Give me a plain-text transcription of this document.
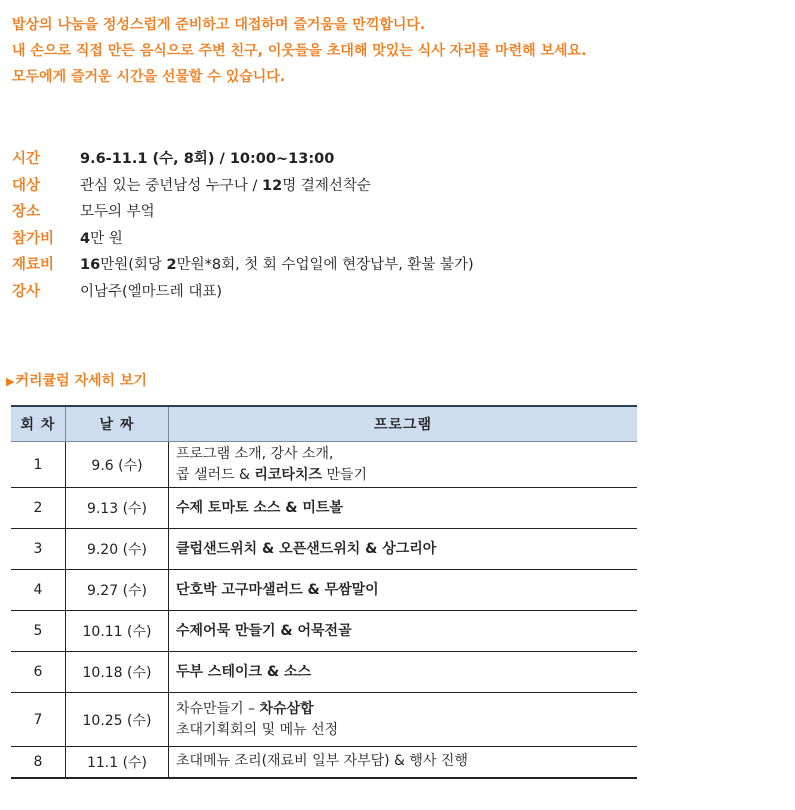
밥상의 나눔을 정성스럽게 준비하고 대접하며 즐거움을 만끽합니다.
내 손으로 직접 만든 음식으로 주변 친구, 이웃들을 초대해 맛있는 식사 자리를 마련해 보세요.
모두에게 즐거운 시간을 선물할 수 있습니다.
시간	9.6-11.1 (수, 8회) / 10:00~13:00
대상	관심 있는 중년남성 누구나 / 12명 결제선착순
장소	모두의 부엌
참가비	4만 원
재료비	16만원(회당 2만원*8회, 첫 회 수업일에 현장납부, 환불 불가)
강사	이남주(엘마드레 대표)
▶커리큘럼 자세히 보기
회 차	날 짜	프로그램
1	9.6 (수)	프로그램 소개, 강사 소개,
콥 샐러드 & 리코타치즈 만들기

2	9.13 (수)	수제 토마토 소스 & 미트볼
3	9.20 (수)	클럽샌드위치 & 오픈샌드위치 & 상그리아
4	9.27 (수)	단호박 고구마샐러드 & 무쌈말이
5	10.11 (수)	수제어묵 만들기 & 어묵전골
6	10.18 (수)	두부 스테이크 & 소스
7	10.25 (수)	차슈만들기 – 차슈삼합
초대기획회의 및 메뉴 선정

8	11.1 (수)	초대메뉴 조리(재료비 일부 자부담) & 행사 진행
